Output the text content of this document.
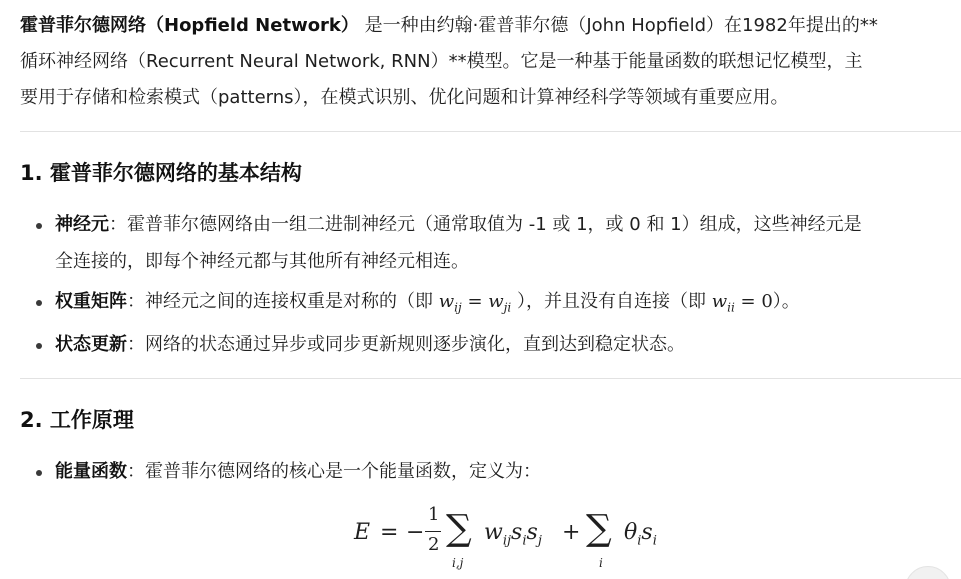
霍普菲尔德网络（Hopfield Network） 是一种由约翰·霍普菲尔德（John Hopfield）在1982年提出的**
循环神经网络（Recurrent Neural Network, RNN）**模型。它是一种基于能量函数的联想记忆模型，主
要用于存储和检索模式（patterns），在模式识别、优化问题和计算神经科学等领域有重要应用。
1. 霍普菲尔德网络的基本结构
神经元：霍普菲尔德网络由一组二进制神经元（通常取值为 -1 或 1，或 0 和 1）组成，这些神经元是
全连接的，即每个神经元都与其他所有神经元相连。
权重矩阵：神经元之间的连接权重是对称的（即 $w_{ij} = w_{ji}$ ），并且没有自连接（即 $w_{ii} = 0$）。
状态更新：网络的状态通过异步或同步更新规则逐步演化，直到达到稳定状态。
2. 工作原理
能量函数：霍普菲尔德网络的核心是一个能量函数，定义为：
E = −
1
2 ∑
i,j
$w_{ij}s_is_j$ + ∑
i
$\theta_is_i$
